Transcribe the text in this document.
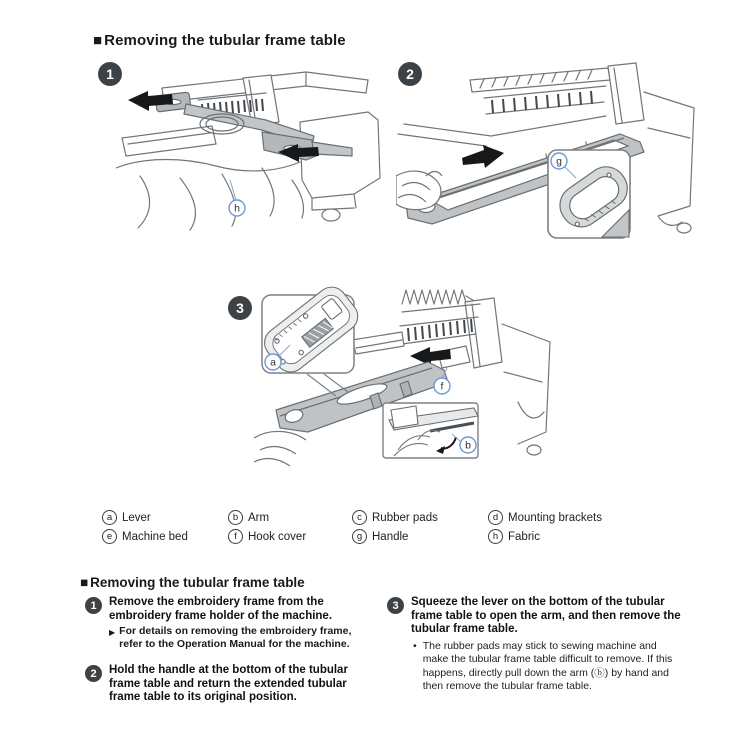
■ Removing the tubular frame table
1
h
2
g
3
f
a
b
a Lever	b Arm	c Rubber pads	d Mounting brackets
e Machine bed	f Hook cover	g Handle	h Fabric
■ Removing the tubular frame table
1	Remove the embroidery frame from the embroidery frame holder of the machine.
▶ For details on removing the embroidery frame, refer to the Operation Manual for the machine.
2	Hold the handle at the bottom of the tubular frame table and return the extended tubular frame table to its original position.
3	Squeeze the lever on the bottom of the tubular frame table to open the arm, and then remove the tubular frame table.
• The rubber pads may stick to sewing machine and make the tubular frame table difficult to remove. If this happens, directly pull down the arm (ⓑ) by hand and then remove the tubular frame table.
